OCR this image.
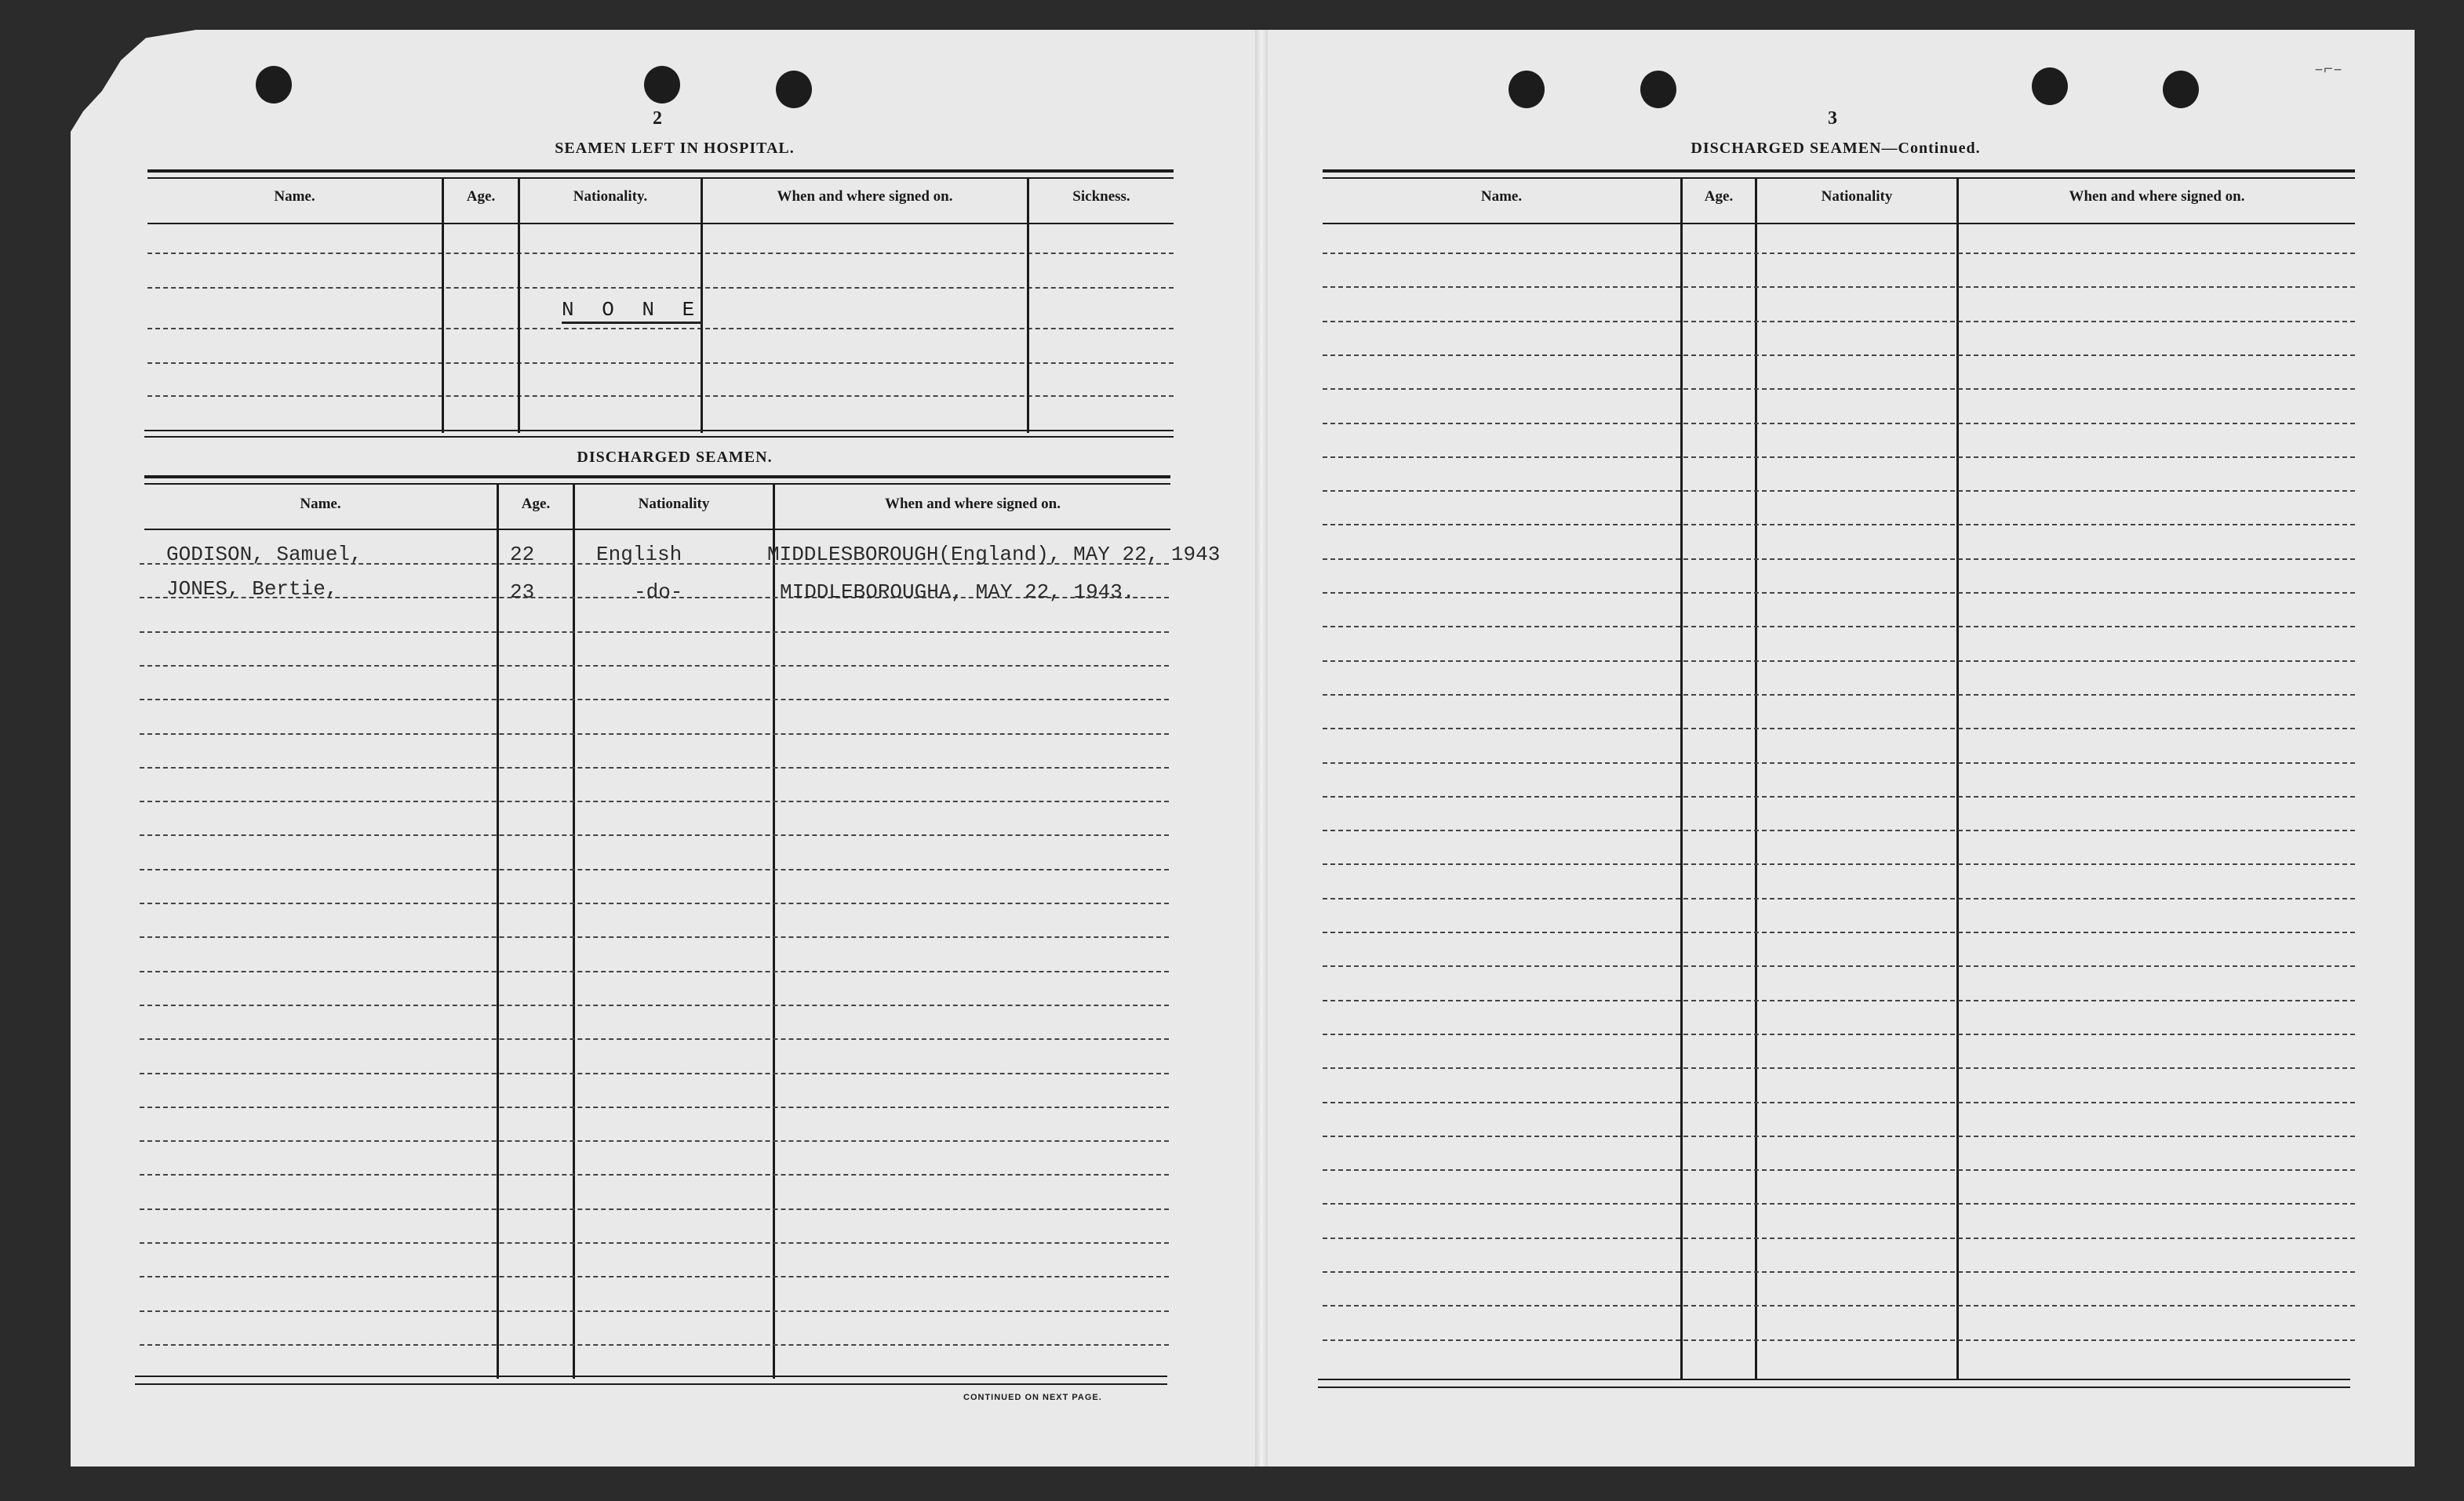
2
SEAMEN LEFT IN HOSPITAL.
Name.	Age.	Nationality.	When and where signed on.	Sickness.
N O N E
DISCHARGED SEAMEN.
Name.	Age.	Nationality	When and where signed on.
GODISON, Samuel,	22	English	MIDDLESBOROUGH(England), MAY 22, 1943
JONES, Bertie,	23	-do-	MIDDLEBOROUGHA, MAY 22, 1943.
CONTINUED ON NEXT PAGE.
3
DISCHARGED SEAMEN—Continued.
Name.	Age.	Nationality	When and where signed on.
–⌐–
